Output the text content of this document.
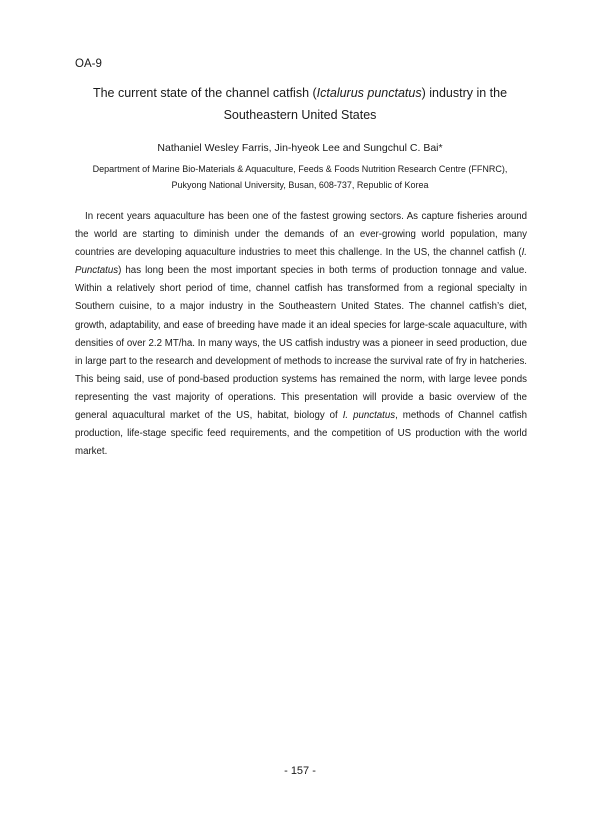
OA-9
The current state of the channel catfish (Ictalurus punctatus) industry in the
Southeastern United States
Nathaniel Wesley Farris, Jin-hyeok Lee and Sungchul C. Bai*
Department of Marine Bio-Materials & Aquaculture, Feeds & Foods Nutrition Research Centre (FFNRC),
Pukyong National University, Busan, 608-737, Republic of Korea

In recent years aquaculture has been one of the fastest growing sectors. As capture fisheries around the world are starting to diminish under the demands of an ever-growing world population, many countries are developing aquaculture industries to meet this challenge. In the US, the channel catfish (I. Punctatus) has long been the most important species in both terms of production tonnage and value. Within a relatively short period of time, channel catfish has transformed from a regional specialty in Southern cuisine, to a major industry in the Southeastern United States. The channel catfish’s diet, growth, adaptability, and ease of breeding have made it an ideal species for large-scale aquaculture, with densities of over 2.2 MT/ha. In many ways, the US catfish industry was a pioneer in seed production, due in large part to the research and development of methods to increase the survival rate of fry in hatcheries. This being said, use of pond-based production systems has remained the norm, with large levee ponds representing the vast majority of operations. This presentation will provide a basic overview of the general aquacultural market of the US, habitat, biology of I. punctatus, methods of Channel catfish production, life-stage specific feed requirements, and the competition of US production with the world market.

- 157 -
